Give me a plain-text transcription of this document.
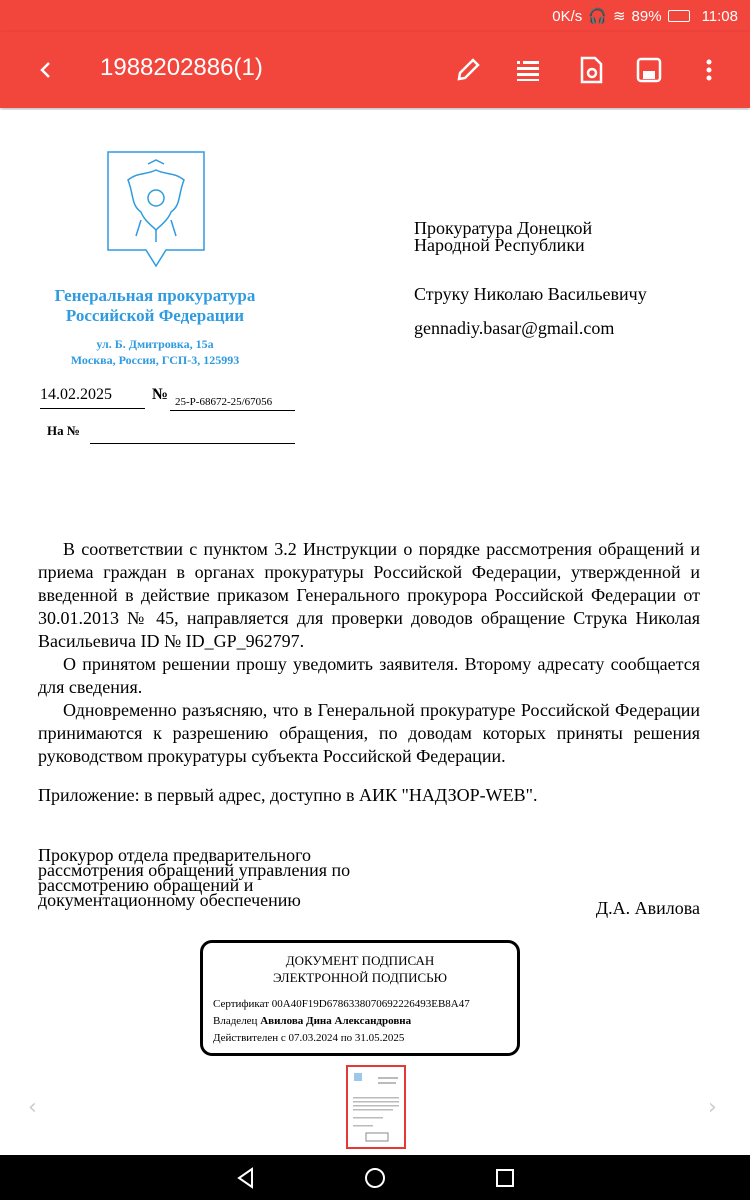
0K/s 🎧 ≋ 89%	11:08
1988202886(1)
Генеральная прокуратура
Российской Федерации
ул. Б. Дмитровка, 15а
Москва, Россия, ГСП-3, 125993
14.02.2025	№ 25-Р-68672-25/67056
На №
Прокуратура Донецкой
Народной Республики
Струку Николаю Васильевичу
gennadiy.basar@gmail.com

В соответствии с пунктом 3.2 Инструкции о порядке рассмотрения обращений и приема граждан в органах прокуратуры Российской Федерации, утвержденной и введенной в действие приказом Генерального прокурора Российской Федерации от 30.01.2013 № 45, направляется для проверки доводов обращение Струка Николая Васильевича ID № ID_GP_962797.

О принятом решении прошу уведомить заявителя. Второму адресату сообщается для сведения.

Одновременно разъясняю, что в Генеральной прокуратуре Российской Федерации принимаются к разрешению обращения, по доводам которых приняты решения руководством прокуратуры субъекта Российской Федерации.

Приложение: в первый адрес, доступно в АИК "НАДЗОР-WEB".
Прокурор отдела предварительного
рассмотрения обращений управления по
рассмотрению обращений и
документационному обеспечению	Д.А. Авилова
ДОКУМЕНТ ПОДПИСАН
ЭЛЕКТРОННОЙ ПОДПИСЬЮ
Сертификат 00A40F19D6786338070692226493EB8A47
Владелец Авилова Дина Александровна
Действителен с 07.03.2024 по 31.05.2025
‹	›
